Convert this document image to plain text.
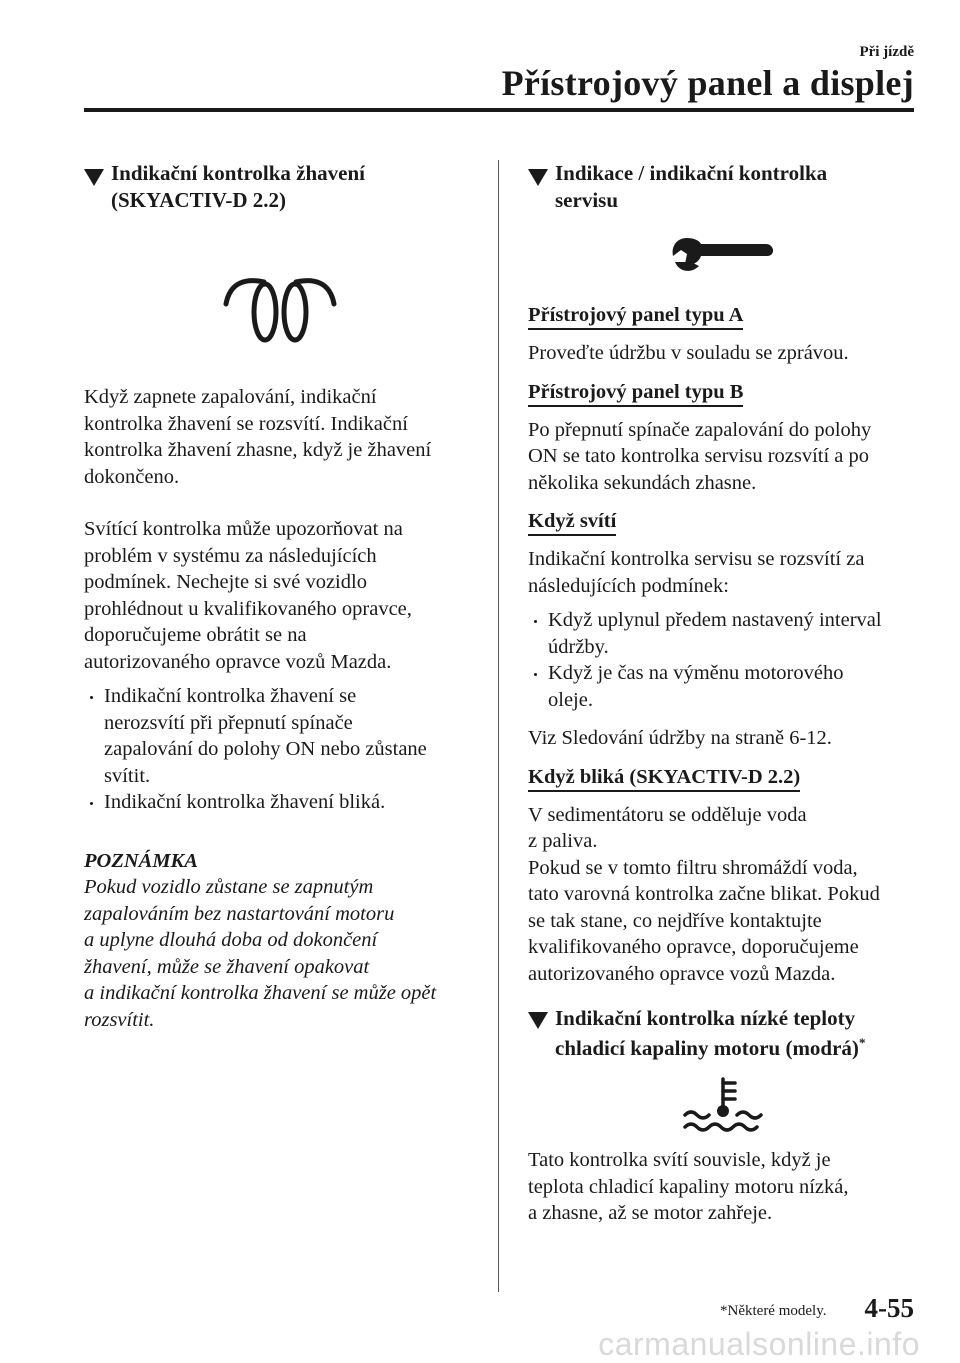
Při jízdě
Přístrojový panel a displej
Indikační kontrolka žhavení
(SKYACTIV-D 2.2)

Když zapnete zapalování, indikační

kontrolka žhavení se rozsvítí. Indikační

kontrolka žhavení zhasne, když je žhavení

dokončeno.

Svítící kontrolka může upozorňovat na

problém v systému za následujících

podmínek. Nechejte si své vozidlo

prohlédnout u kvalifikovaného opravce,

doporučujeme obrátit se na

autorizovaného opravce vozů Mazda.

Indikační kontrolka žhavení se
nerozsvítí při přepnutí spínače
zapalování do polohy ON nebo zůstane
svítit.
Indikační kontrolka žhavení bliká.

POZNÁMKA

Pokud vozidlo zůstane se zapnutým

zapalováním bez nastartování motoru

a uplyne dlouhá doba od dokončení

žhavení, může se žhavení opakovat

a indikační kontrolka žhavení se může opět

rozsvítit.

Indikace / indikační kontrolka
servisu

Přístrojový panel typu A

Proveďte údržbu v souladu se zprávou.

Přístrojový panel typu B

Po přepnutí spínače zapalování do polohy

ON se tato kontrolka servisu rozsvítí a po

několika sekundách zhasne.

Když svítí

Indikační kontrolka servisu se rozsvítí za

následujících podmínek:

Když uplynul předem nastavený interval
údržby.
Když je čas na výměnu motorového
oleje.

Viz Sledování údržby na straně 6-12.

Když bliká (SKYACTIV-D 2.2)

V sedimentátoru se odděluje voda

z paliva.

Pokud se v tomto filtru shromáždí voda,

tato varovná kontrolka začne blikat. Pokud

se tak stane, co nejdříve kontaktujte

kvalifikovaného opravce, doporučujeme

autorizovaného opravce vozů Mazda.

Indikační kontrolka nízké teploty
chladicí kapaliny motoru (modrá)*

Tato kontrolka svítí souvisle, když je

teplota chladicí kapaliny motoru nízká,

a zhasne, až se motor zahřeje.

*Některé modely. 4-55
carmanualsonline.info
